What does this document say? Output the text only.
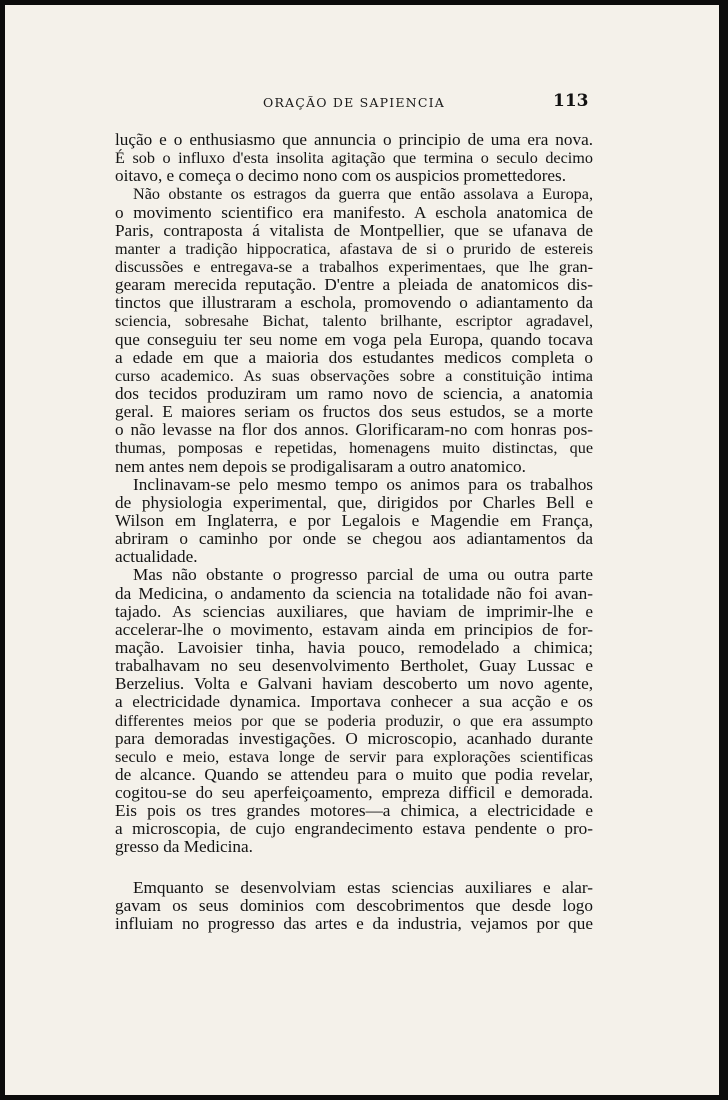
ORAÇÃO DE SAPIENCIA	113
lução e o enthusiasmo que annuncia o principio de uma era nova.
É sob o influxo d'esta insolita agitação que termina o seculo decimo
oitavo, e começa o decimo nono com os auspicios promettedores.
Não obstante os estragos da guerra que então assolava a Europa,
o movimento scientifico era manifesto. A eschola anatomica de
Paris, contraposta á vitalista de Montpellier, que se ufanava de
manter a tradição hippocratica, afastava de si o prurido de estereis
discussões e entregava-se a trabalhos experimentaes, que lhe gran-
gearam merecida reputação. D'entre a pleiada de anatomicos dis-
tinctos que illustraram a eschola, promovendo o adiantamento da
sciencia, sobresahe Bichat, talento brilhante, escriptor agradavel,
que conseguiu ter seu nome em voga pela Europa, quando tocava
a edade em que a maioria dos estudantes medicos completa o
curso academico. As suas observações sobre a constituição intima
dos tecidos produziram um ramo novo de sciencia, a anatomia
geral. E maiores seriam os fructos dos seus estudos, se a morte
o não levasse na flor dos annos. Glorificaram-no com honras pos-
thumas, pomposas e repetidas, homenagens muito distinctas, que
nem antes nem depois se prodigalisaram a outro anatomico.
Inclinavam-se pelo mesmo tempo os animos para os trabalhos
de physiologia experimental, que, dirigidos por Charles Bell e
Wilson em Inglaterra, e por Legalois e Magendie em França,
abriram o caminho por onde se chegou aos adiantamentos da
actualidade.
Mas não obstante o progresso parcial de uma ou outra parte
da Medicina, o andamento da sciencia na totalidade não foi avan-
tajado. As sciencias auxiliares, que haviam de imprimir-lhe e
accelerar-lhe o movimento, estavam ainda em principios de for-
mação. Lavoisier tinha, havia pouco, remodelado a chimica;
trabalhavam no seu desenvolvimento Bertholet, Guay Lussac e
Berzelius. Volta e Galvani haviam descoberto um novo agente,
a electricidade dynamica. Importava conhecer a sua acção e os
differentes meios por que se poderia produzir, o que era assumpto
para demoradas investigações. O microscopio, acanhado durante
seculo e meio, estava longe de servir para explorações scientificas
de alcance. Quando se attendeu para o muito que podia revelar,
cogitou-se do seu aperfeiçoamento, empreza difficil e demorada.
Eis pois os tres grandes motores—a chimica, a electricidade e
a microscopia, de cujo engrandecimento estava pendente o pro-
gresso da Medicina.
Emquanto se desenvolviam estas sciencias auxiliares e alar-
gavam os seus dominios com descobrimentos que desde logo
influiam no progresso das artes e da industria, vejamos por que
